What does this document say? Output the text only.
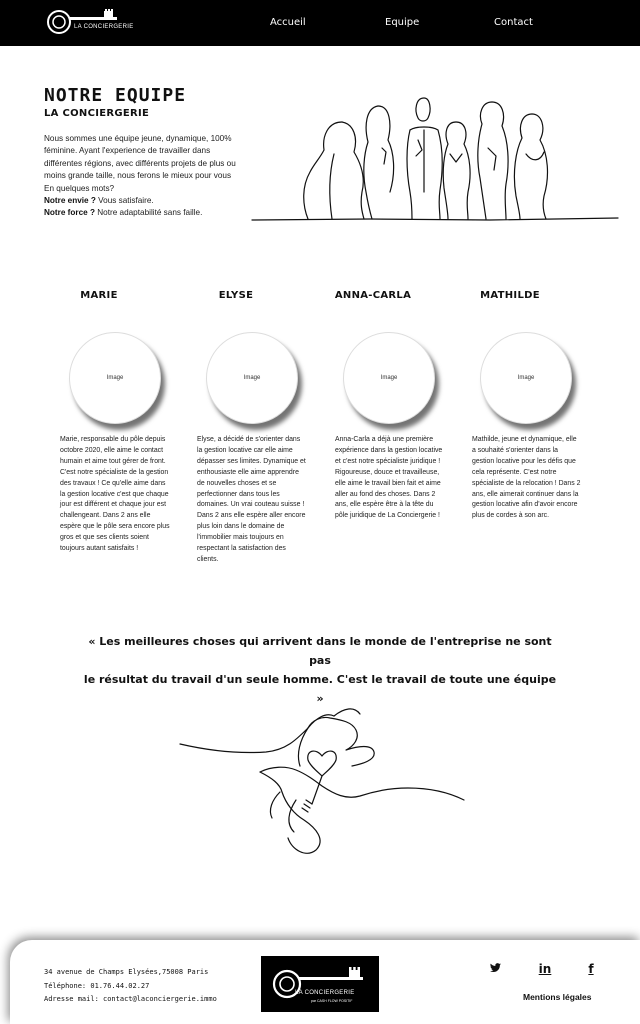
LA CONCIERGERIE	Accueil	Equipe	Contact
NOTRE EQUIPE
LA CONCIERGERIE

Nous sommes une équipe jeune, dynamique, 100% féminine. Ayant l'experience de travailler dans différentes régions, avec différents projets de plus ou moins grande taille, nous ferons le mieux pour vous

En quelques mots?

Notre envie ? Vous satisfaire.

Notre force ? Notre adaptabilité sans faille.

MARIE
Image

Marie, responsable du pôle depuis octobre 2020, elle aime le contact humain et aime tout gérer de front. C'est notre spécialiste de la gestion des travaux ! Ce qu'elle aime dans la gestion locative c'est que chaque jour est différent et chaque jour est challengeant. Dans 2 ans elle espère que le pôle sera encore plus gros et que ses clients soient toujours autant satisfaits !

ELYSE
Image

Elyse, a décidé de s'orienter dans la gestion locative car elle aime dépasser ses limites. Dynamique et enthousiaste elle aime apprendre de nouvelles choses et se perfectionner dans tous les domaines. Un vrai couteau suisse ! Dans 2 ans elle espère aller encore plus loin dans le domaine de l'immobilier mais toujours en respectant la satisfaction des clients.

ANNA-CARLA
Image

Anna-Carla a déjà une première expérience dans la gestion locative et c'est notre spécialiste juridique ! Rigoureuse, douce et travailleuse, elle aime le travail bien fait et aime aller au fond des choses. Dans 2 ans, elle espère être à la tête du pôle juridique de La Conciergerie !

MATHILDE
Image

Mathilde, jeune et dynamique, elle a souhaité s'orienter dans la gestion locative pour les défis que cela représente. C'est notre spécialiste de la relocation ! Dans 2 ans, elle aimerait continuer dans la gestion locative afin d'avoir encore plus de cordes à son arc.

« Les meilleures choses qui arrivent dans le monde de l'entreprise ne sont pas

le résultat du travail d'un seule homme. C'est le travail de toute une équipe »

34 avenue de Champs Elysées,75008 Paris

Téléphone: 01.76.44.02.27

Adresse mail: contact@laconciergerie.immo

LA CONCIERGERIE
par CASH FLOW POSITIF
in	f
Mentions légales
